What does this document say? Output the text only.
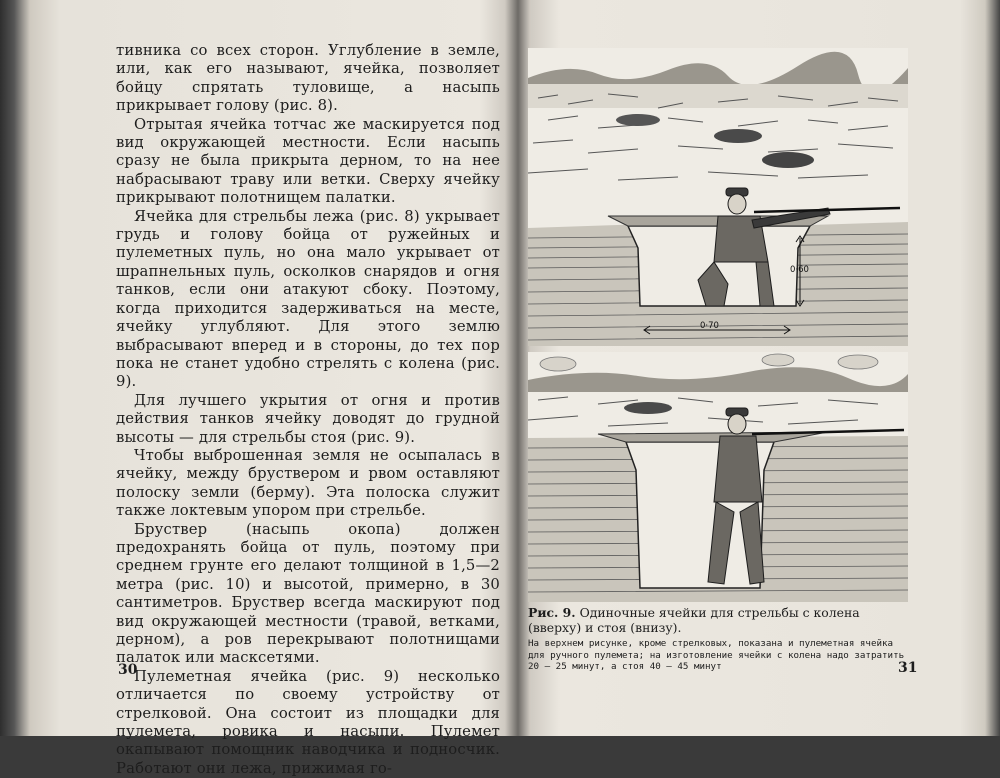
тивника со всех сторон. Углубление в земле, или, как его называют, ячейка, позволяет бойцу спрятать туловище, а насыпь прикрывает голову (рис. 8).

Отрытая ячейка тотчас же маскируется под вид окружающей местности. Если насыпь сразу не была прикрыта дерном, то на нее набрасывают траву или ветки. Сверху ячейку прикрывают полотнищем палатки.

Ячейка для стрельбы лежа (рис. 8) укрывает грудь и голову бойца от ружейных и пулеметных пуль, но она мало укрывает от шрапнельных пуль, осколков снарядов и огня танков, если они атакуют сбоку. Поэтому, когда приходится задерживаться на месте, ячейку углубляют. Для этого землю выбрасывают вперед и в стороны, до тех пор пока не станет удобно стрелять с колена (рис. 9).

Для лучшего укрытия от огня и против действия танков ячейку доводят до грудной высоты — для стрельбы стоя (рис. 9).

Чтобы выброшенная земля не осыпалась в ячейку, между бруствером и рвом оставляют полоску земли (берму). Эта полоска служит также локтевым упором при стрельбе.

Бруствер (насыпь окопа) должен предохранять бойца от пуль, поэтому при среднем грунте его делают толщиной в 1,5—2 метра (рис. 10) и высотой, примерно, в 30 сантиметров. Бруствер всегда маскируют под вид окружающей местности (травой, ветками, дерном), а ров перекрывают полотнищами палаток или масксетями.

Пулеметная ячейка (рис. 9) несколько отличается по своему устройству от стрелковой. Она состоит из площадки для пулемета, ровика и насыпи. Пулемет окапывают помощник наводчика и подносчик. Работают они лежа, прижимая го-

30
0·60
0·70

Рис. 9. Одиночные ячейки для стрельбы с колена (вверху) и стоя (внизу).

На верхнем рисунке, кроме стрелковых, показана и пулеметная ячейка для ручного пулемета; на изготовление ячейки с колена надо затратить 20 — 25 минут, а стоя 40 — 45 минут	31
